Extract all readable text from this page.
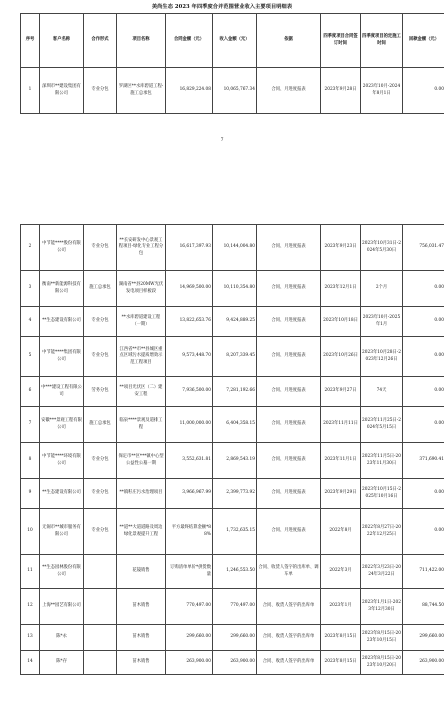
美尚生态 2023 年四季度合并范围营业收入主要项目明细表
序号	客户名称	合作形式	项目名称	合同金额（元）	收入金额（元）	依据	四季度项目合同签订时间	四季度项目的定施工时间	回款金额（元）
1	深圳市**建设集团有限公司	专业分包	罗湖区**水库碧道工程-施工总承包	16,829,224.08	10,065,767.34	合同、月进度报表	2023年9月28日	2023年10月-2024年8月1日	0.00
7
2	中节能****股份有限公司	专业分包	**长安研发中心景观工程项目-绿化专业工程分包	16,617,397.93	10,144,004.80	合同、月进度报表	2023年9月23日	2023年10月31日-2024年5月30日	756,031.47
3	衡南**新能源科技有限公司	施工总承包	湖南省**县20MW光伏发电项目样板段	14,969,500.00	10,110,354.80	合同、月进度报表	2023年12月1日	2个月	0.00
4	**生态建设有限公司	专业分包	**水库碧道建设工程（一期）	13,822,653.76	9,424,889.25	合同、月进度报表	2023年10月18日	2023年10月-2025年1月	0.00
5	中节能****集团有限公司	专业分包	江西省**市**县城区重点区域污水提质增效示范工程项目	9,573,448.70	8,207,339.45	合同、月进度报表	2023年10月26日	2023年10月28日-2023年12月26日	0.00
6	中***建设工程有限公司	劳务分包	**项目光伏区（二）建安工程	7,936,500.00	7,281,192.66	合同、月进度报表	2023年9月27日	74天	0.00
7	安徽***景观工程有限公司	施工总承包	临泉****景观及道排工程	11,000,000.00	6,404,358.15	合同、月进度报表	2023年11月11日	2023年11月25日-2024年5月15日	0.00
8	中节能****环境有限公司	专业分包	保定市**区***镇中心型公益性公墓一期	3,552,631.81	2,869,543.19	合同、月进度报表	2023年11月1日	2023年11月5日-2023年11月30日	371,690.41
9	**生态建设有限公司	专业分包	**镇籽庄污水治理项目	3,966,967.99	2,399,773.92	合同、月进度报表	2023年9月29日	2023年10月15日-2025年10月16日	0.00
10	无锡市**城市服务有限公司	专业分包	**道**大道道路及周边绿化景观提升工程	平方最终结算金额*88%	1,732,635.15	合同、月进度报表	2022年8月	2022年8月27日-2022年12月25日	0.00
11	**生态园林股份有限公司		花镜销售	订购清单单价*供货数量	1,246,553.50	合同、收货人签字的出库单、调车单	2022年3月	2022年3月23日-2024年3月22日	711,422.00
12	上海**园艺有限公司		苗木销售	770,497.00	770,497.00	合同、收货人签字的出库单	2023年1月	2023年1月1日-2023年12月30日	88,744.50
13	陈*永		苗木销售	299,660.00	299,660.00	合同、收货人签字的出库单	2023年8月15日	2023年8月15日-2023年10月15日	299,660.00
14	陈*存		苗木销售	263,900.00	263,900.00	合同、收货人签字的出库单	2023年8月15日	2023年8月15日-2023年10月20日	263,900.00
